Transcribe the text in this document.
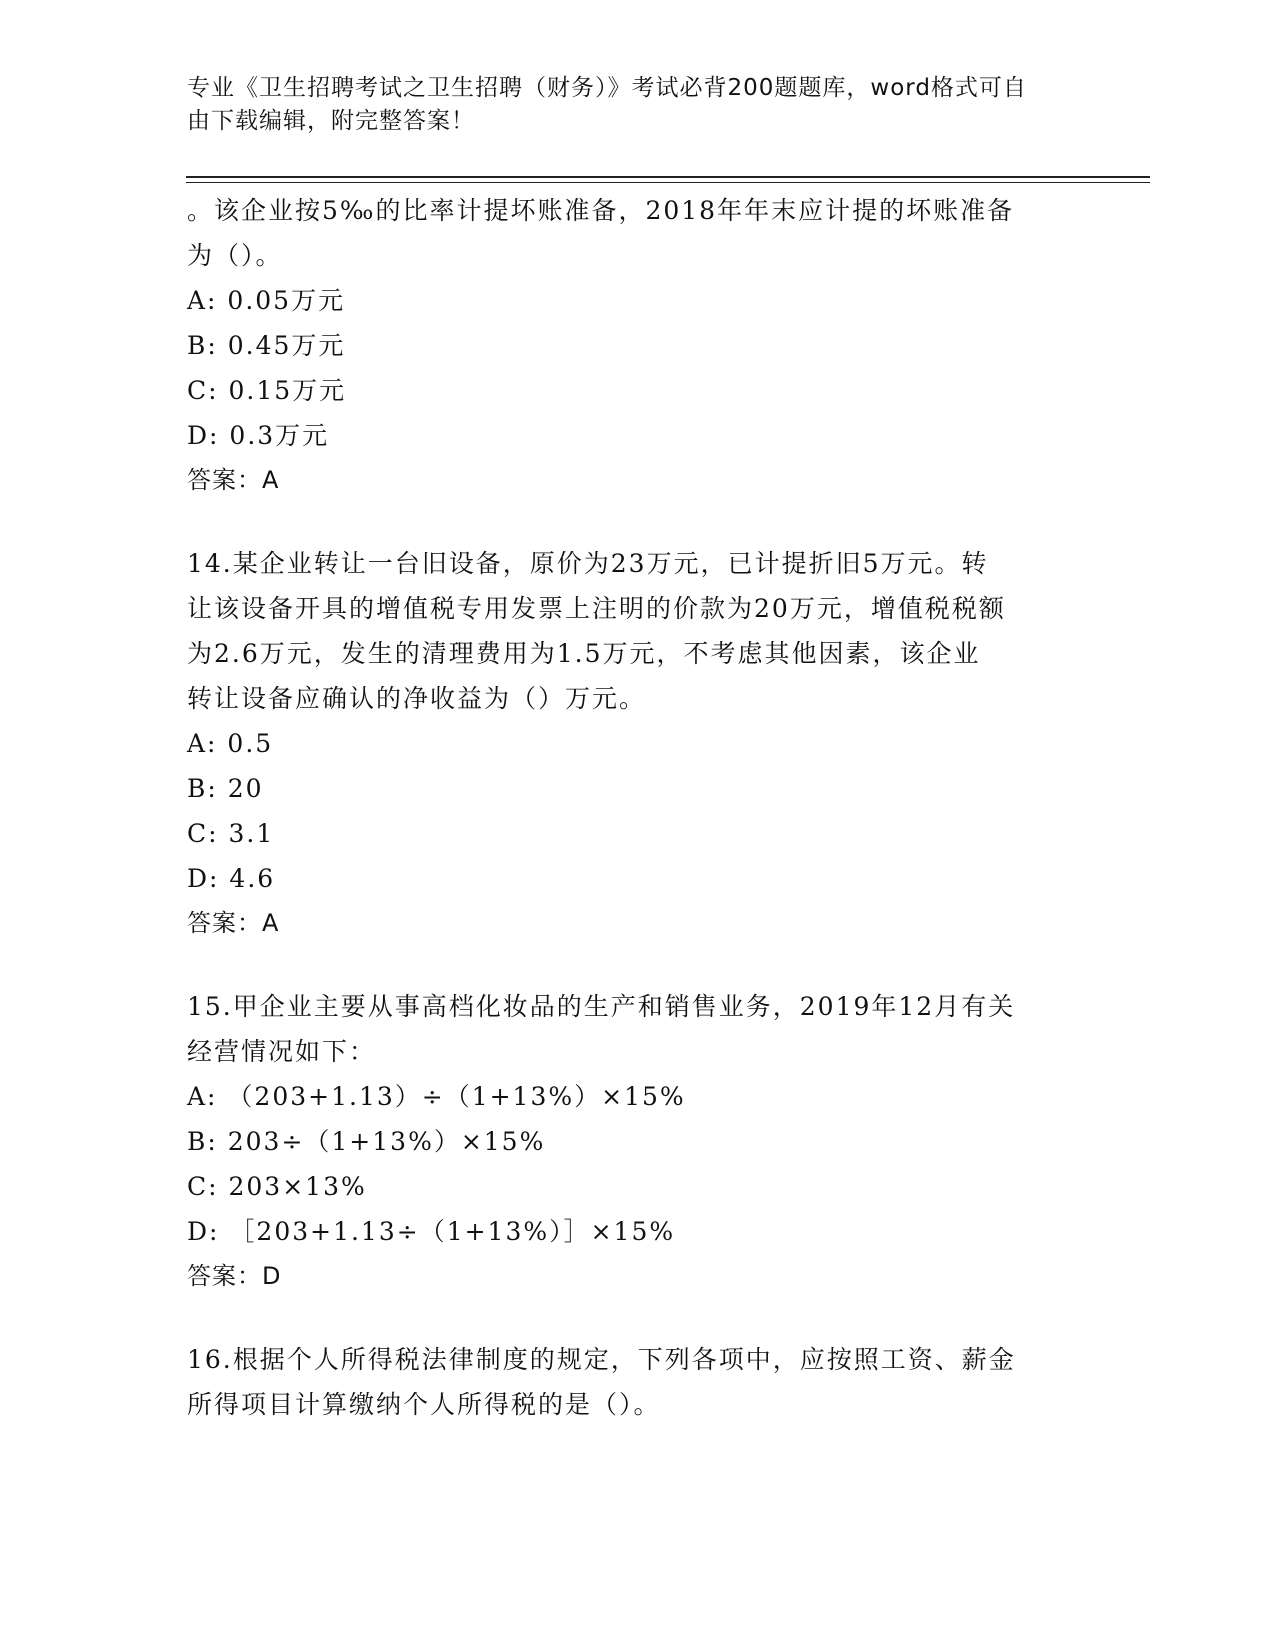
专业《卫生招聘考试之卫生招聘（财务）》考试必背200题题库，word格式可自
由下载编辑，附完整答案！

。该企业按5‰的比率计提坏账准备，2018年年末应计提的坏账准备
为（）。

A: 0.05万元

B: 0.45万元

C: 0.15万元

D: 0.3万元

答案：A

14.某企业转让一台旧设备，原价为23万元，已计提折旧5万元。转
让该设备开具的增值税专用发票上注明的价款为20万元，增值税税额
为2.6万元，发生的清理费用为1.5万元，不考虑其他因素，该企业
转让设备应确认的净收益为（）万元。

A: 0.5

B: 20

C: 3.1

D: 4.6

答案：A

15.甲企业主要从事高档化妆品的生产和销售业务，2019年12月有关
经营情况如下：

A: （203+1.13）÷（1+13%）×15%

B: 203÷（1+13%）×15%

C: 203×13%

D: ［203+1.13÷（1+13%）］×15%

答案：D

16.根据个人所得税法律制度的规定，下列各项中，应按照工资、薪金
所得项目计算缴纳个人所得税的是（）。
